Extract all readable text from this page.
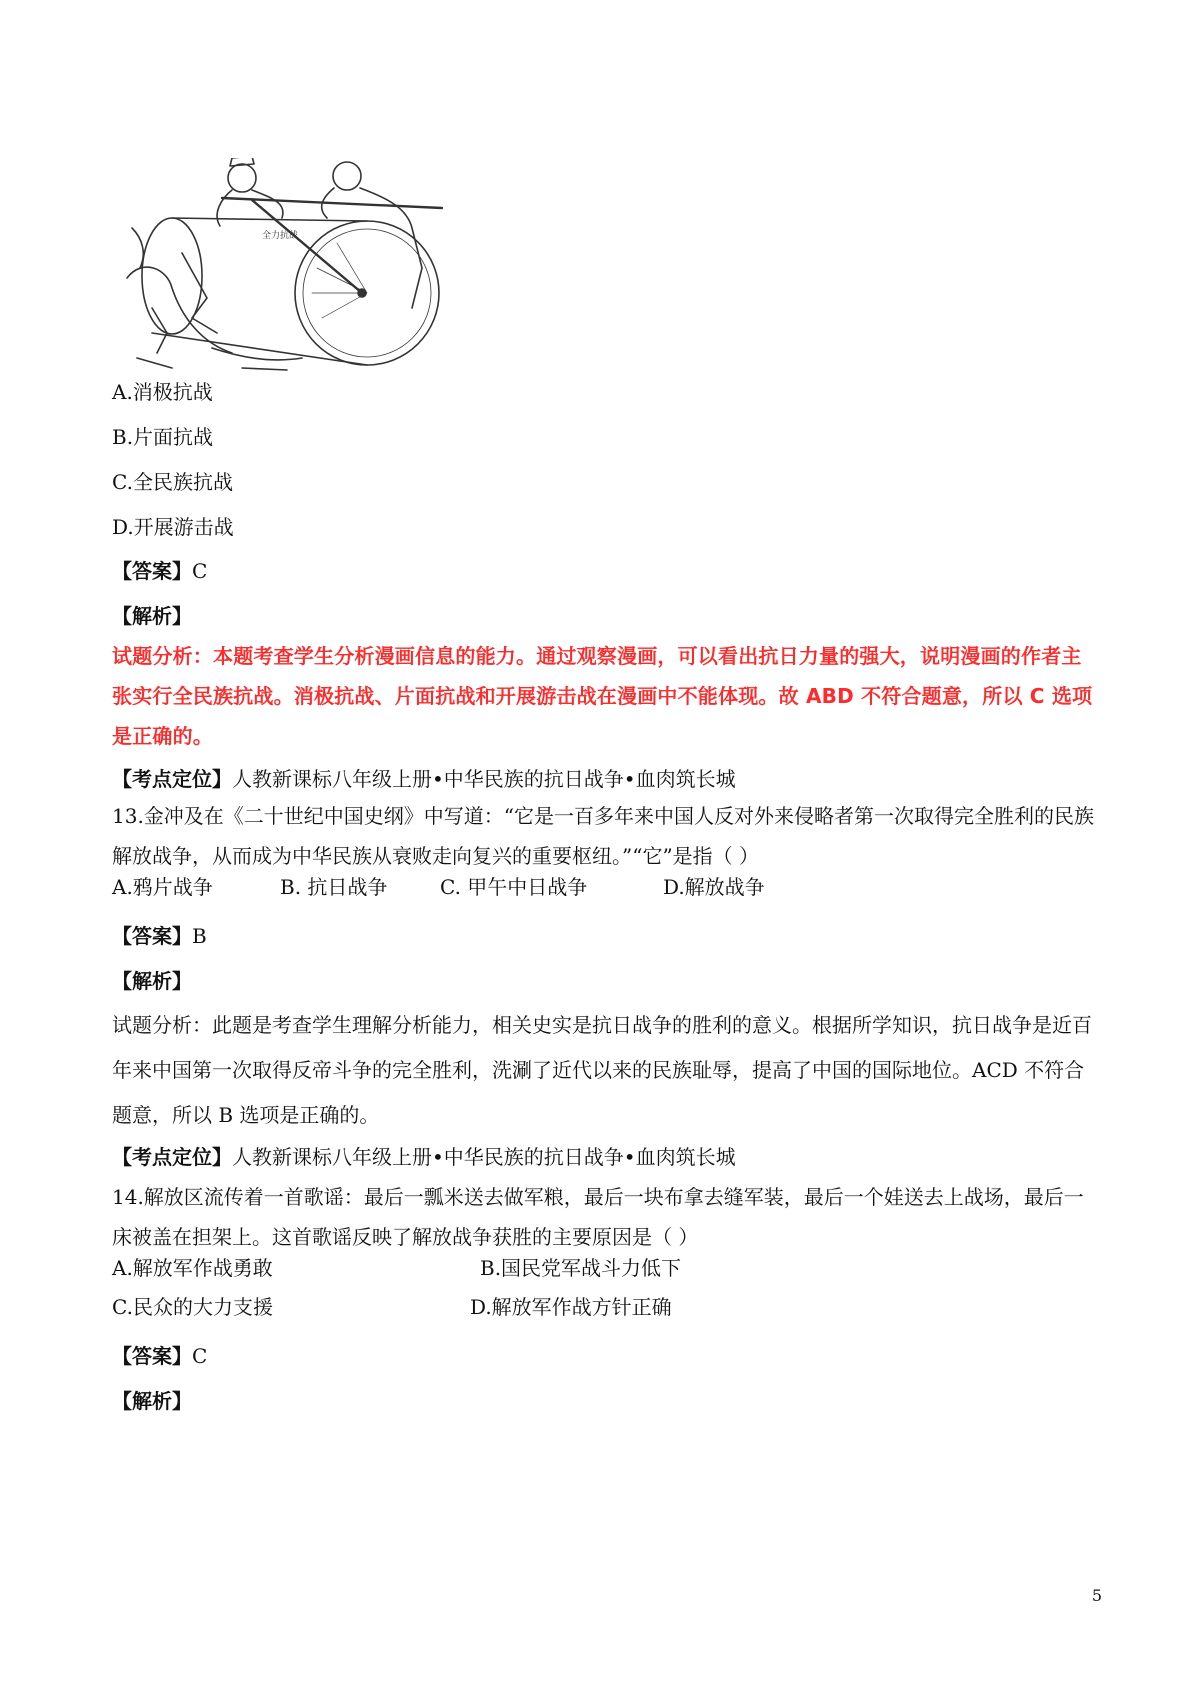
全力抗战
A.消极抗战
B.片面抗战
C.全民族抗战
D.开展游击战
【答案】C
【解析】
试题分析：本题考查学生分析漫画信息的能力。通过观察漫画，可以看出抗日力量的强大，说明漫画的作者主张实行全民族抗战。消极抗战、片面抗战和开展游击战在漫画中不能体现。故 ABD 不符合题意，所以 C 选项是正确的。
【考点定位】人教新课标八年级上册•中华民族的抗日战争•血肉筑长城
13.金冲及在《二十世纪中国史纲》中写道：“它是一百多年来中国人反对外来侵略者第一次取得完全胜利的民族解放战争，从而成为中华民族从衰败走向复兴的重要枢纽。”“它”是指（ ）
A.鸦片战争	B. 抗日战争	C. 甲午中日战争	D.解放战争
【答案】B
【解析】
试题分析：此题是考查学生理解分析能力，相关史实是抗日战争的胜利的意义。根据所学知识，抗日战争是近百年来中国第一次取得反帝斗争的完全胜利，洗涮了近代以来的民族耻辱，提高了中国的国际地位。ACD 不符合题意，所以 B 选项是正确的。
【考点定位】人教新课标八年级上册•中华民族的抗日战争•血肉筑长城
14.解放区流传着一首歌谣：最后一瓢米送去做军粮，最后一块布拿去缝军装，最后一个娃送去上战场，最后一床被盖在担架上。这首歌谣反映了解放战争获胜的主要原因是（ ）
A.解放军作战勇敢	B.国民党军战斗力低下
C.民众的大力支援	D.解放军作战方针正确
【答案】C
【解析】
5
